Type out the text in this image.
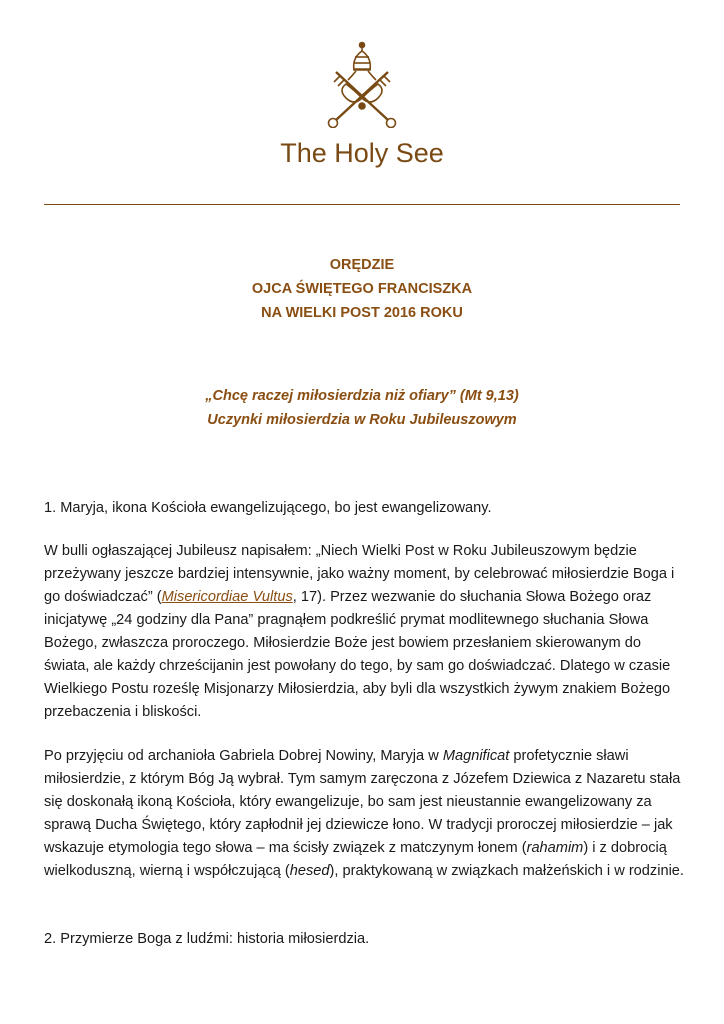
The Holy See
ORĘDZIE
OJCA ŚWIĘTEGO FRANCISZKA
NA WIELKI POST 2016 ROKU
„Chcę raczej miłosierdzia niż ofiary” (Mt 9,13)
Uczynki miłosierdzia w Roku Jubileuszowym

1. Maryja, ikona Kościoła ewangelizującego, bo jest ewangelizowany.

W bulli ogłaszającej Jubileusz napisałem: „Niech Wielki Post w Roku Jubileuszowym będzie przeżywany jeszcze bardziej intensywnie, jako ważny moment, by celebrować miłosierdzie Boga i go doświadczać” (Misericordiae Vultus, 17). Przez wezwanie do słuchania Słowa Bożego oraz inicjatywę „24 godziny dla Pana” pragnąłem podkreślić prymat modlitewnego słuchania Słowa Bożego, zwłaszcza proroczego. Miłosierdzie Boże jest bowiem przesłaniem skierowanym do świata, ale każdy chrześcijanin jest powołany do tego, by sam go doświadczać. Dlatego w czasie Wielkiego Postu roześlę Misjonarzy Miłosierdzia, aby byli dla wszystkich żywym znakiem Bożego przebaczenia i bliskości.

Po przyjęciu od archanioła Gabriela Dobrej Nowiny, Maryja w Magnificat profetycznie sławi miłosierdzie, z którym Bóg Ją wybrał. Tym samym zaręczona z Józefem Dziewica z Nazaretu stała się doskonałą ikoną Kościoła, który ewangelizuje, bo sam jest nieustannie ewangelizowany za sprawą Ducha Świętego, który zapłodnił jej dziewicze łono. W tradycji proroczej miłosierdzie – jak wskazuje etymologia tego słowa – ma ścisły związek z matczynym łonem (rahamim) i z dobrocią wielkoduszną, wierną i współczującą (hesed), praktykowaną w związkach małżeńskich i w rodzinie.

2. Przymierze Boga z ludźmi: historia miłosierdzia.
